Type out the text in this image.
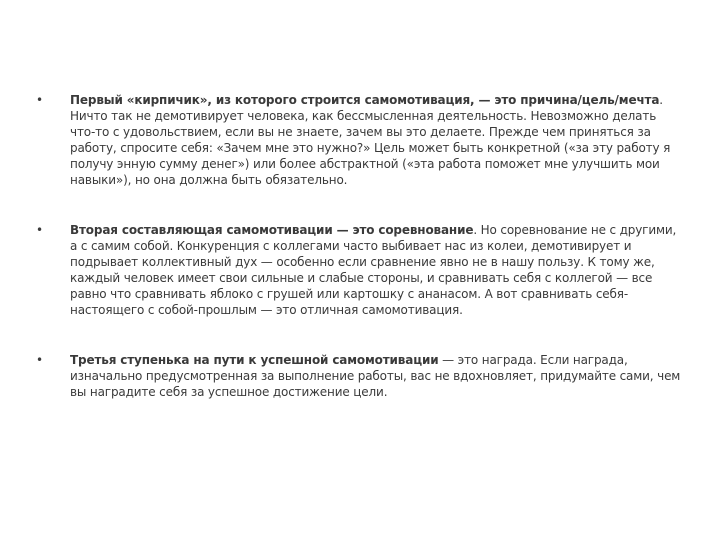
• Первый «кирпичик», из которого строится самомотивация, — это причина/цель/мечта. Ничто так не демотивирует человека, как бессмысленная деятельность. Невозможно делать что-то с удовольствием, если вы не знаете, зачем вы это делаете. Прежде чем приняться за работу, спросите себя: «Зачем мне это нужно?» Цель может быть конкретной («за эту работу я получу энную сумму денег») или более абстрактной («эта работа поможет мне улучшить мои навыки»), но она должна быть обязательно.
• Вторая составляющая самомотивации — это соревнование. Но соревнование не с другими, а с самим собой. Конкуренция с коллегами часто выбивает нас из колеи, демотивирует и подрывает коллективный дух — особенно если сравнение явно не в нашу пользу. К тому же, каждый человек имеет свои сильные и слабые стороны, и сравнивать себя с коллегой — все равно что сравнивать яблоко с грушей или картошку с ананасом. А вот сравнивать себя-настоящего с собой-прошлым — это отличная самомотивация.
• Третья ступенька на пути к успешной самомотивации — это награда. Если награда, изначально предусмотренная за выполнение работы, вас не вдохновляет, придумайте сами, чем вы наградите себя за успешное достижение цели.
